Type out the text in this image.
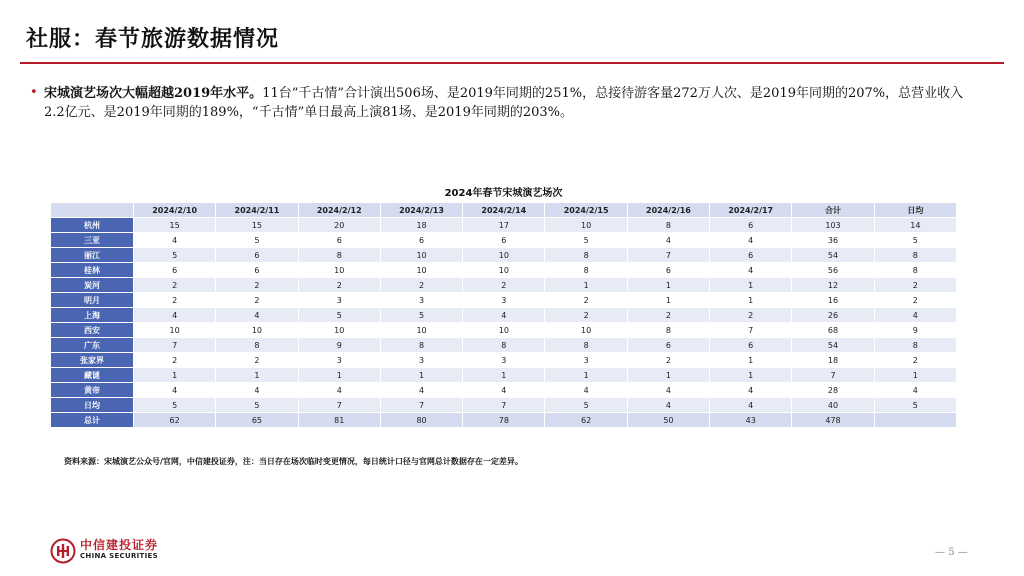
社服：春节旅游数据情况
• 宋城演艺场次大幅超越2019年水平。11台“千古情”合计演出506场、是2019年同期的251%，总接待游客量272万人次、是2019年同期的207%，总营业收入2.2亿元、是2019年同期的189%，“千古情”单日最高上演81场、是2019年同期的203%。
2024年春节宋城演艺场次
	2024/2/10	2024/2/11	2024/2/12	2024/2/13	2024/2/14	2024/2/15	2024/2/16	2024/2/17	合计	日均
杭州	15	15	20	18	17	10	8	6	103	14
三亚	4	5	6	6	6	5	4	4	36	5
丽江	5	6	8	10	10	8	7	6	54	8
桂林	6	6	10	10	10	8	6	4	56	8
炭河	2	2	2	2	2	1	1	1	12	2
明月	2	2	3	3	3	2	1	1	16	2
上海	4	4	5	5	4	2	2	2	26	4
西安	10	10	10	10	10	10	8	7	68	9
广东	7	8	9	8	8	8	6	6	54	8
张家界	2	2	3	3	3	3	2	1	18	2
藏谜	1	1	1	1	1	1	1	1	7	1
黄帝	4	4	4	4	4	4	4	4	28	4
日均	5	5	7	7	7	5	4	4	40	5
总计	62	65	81	80	78	62	50	43	478	
资料来源：宋城演艺公众号/官网，中信建投证券，注：当日存在场次临时变更情况，每日统计口径与官网总计数据存在一定差异。
中信建投证券
CHINA SECURITIES	— 5 —
